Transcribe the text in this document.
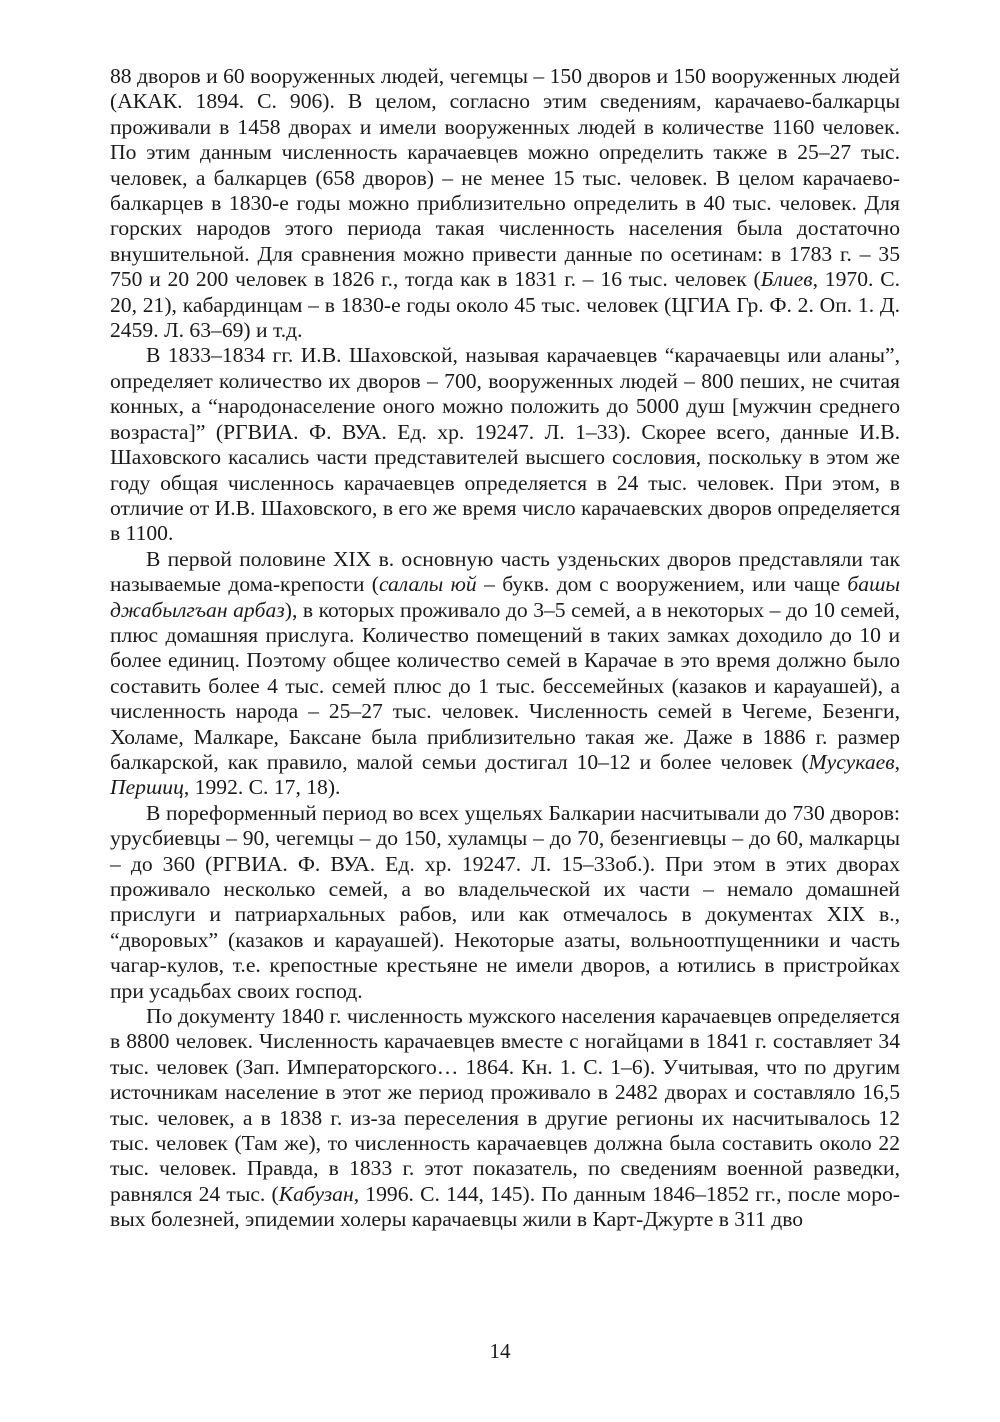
88 дворов и 60 вооруженных людей, чегемцы – 150 дворов и 150 вооруженных людей (АКАК. 1894. С. 906). В целом, согласно этим сведениям, карачаево-балкарцы проживали в 1458 дворах и имели вооруженных людей в количестве 1160 человек. По этим данным численность карачаевцев можно определить также в 25–27 тыс. человек, а балкарцев (658 дворов) – не менее 15 тыс. человек. В целом карачаево-балкарцев в 1830-е годы можно приблизительно определить в 40 тыс. человек. Для горских народов этого периода такая численность населения была достаточно внушительной. Для сравнения можно привести данные по осетинам: в 1783 г. – 35 750 и 20 200 человек в 1826 г., тогда как в 1831 г. – 16 тыс. человек (Блиев, 1970. С. 20, 21), кабардинцам – в 1830-е годы около 45 тыс. человек (ЦГИА Гр. Ф. 2. Оп. 1. Д. 2459. Л. 63–69) и т.д.

В 1833–1834 гг. И.В. Шаховской, называя карачаевцев “карачаевцы или аланы”, определяет количество их дворов – 700, вооруженных людей – 800 пеших, не считая конных, а “народонаселение оного можно положить до 5000 душ [мужчин среднего возраста]” (РГВИА. Ф. ВУА. Ед. хр. 19247. Л. 1–33). Скорее всего, данные И.В. Шаховского касались части представителей высшего сословия, поскольку в этом же году общая численнось карачаевцев определяется в 24 тыс. человек. При этом, в отличие от И.В. Шаховского, в его же время число карачаевских дворов определяется в 1100.

В первой половине XIX в. основную часть узденьских дворов представляли так называемые дома-крепости (салалы юй – букв. дом с вооружением, или чаще башы джабылгъан арбаз), в которых проживало до 3–5 семей, а в некоторых – до 10 семей, плюс домашняя прислуга. Количество помещений в таких замках доходило до 10 и более единиц. Поэтому общее количество семей в Карачае в это время должно было составить более 4 тыс. семей плюс до 1 тыс. бессемейных (казаков и карауашей), а численность народа – 25–27 тыс. человек. Численность семей в Чегеме, Безенги, Холаме, Малкаре, Баксане была приблизительно такая же. Даже в 1886 г. размер балкарской, как правило, малой семьи достигал 10–12 и более человек (Мусукаев, Першиц, 1992. С. 17, 18).

В пореформенный период во всех ущельях Балкарии насчитывали до 730 дворов: урусбиевцы – 90, чегемцы – до 150, хуламцы – до 70, безенгиевцы – до 60, малкарцы – до 360 (РГВИА. Ф. ВУА. Ед. хр. 19247. Л. 15–33об.). При этом в этих дворах проживало несколько семей, а во владельческой их части – немало домашней прислуги и патриархальных рабов, или как отмечалось в документах XIX в., “дворовых” (казаков и карауашей). Некоторые азаты, вольноотпущенники и часть чагар-кулов, т.е. крепостные крестьяне не имели дворов, а ютились в пристройках при усадьбах своих господ.

По документу 1840 г. численность мужского населения карачаевцев определяется в 8800 человек. Численность карачаевцев вместе с ногайцами в 1841 г. составляет 34 тыс. человек (Зап. Императорского… 1864. Кн. 1. С. 1–6). Учитывая, что по другим источникам население в этот же период проживало в 2482 дворах и составляло 16,5 тыс. человек, а в 1838 г. из-за переселения в другие регионы их насчитывалось 12 тыс. человек (Там же), то численность карачаевцев должна была составить около 22 тыс. человек. Правда, в 1833 г. этот показатель, по сведениям военной разведки, равнялся 24 тыс. (Кабузан, 1996. С. 144, 145). По данным 1846–1852 гг., после моровых болезней, эпидемии холеры карачаевцы жили в Карт-Джурте в 311 дво

14
